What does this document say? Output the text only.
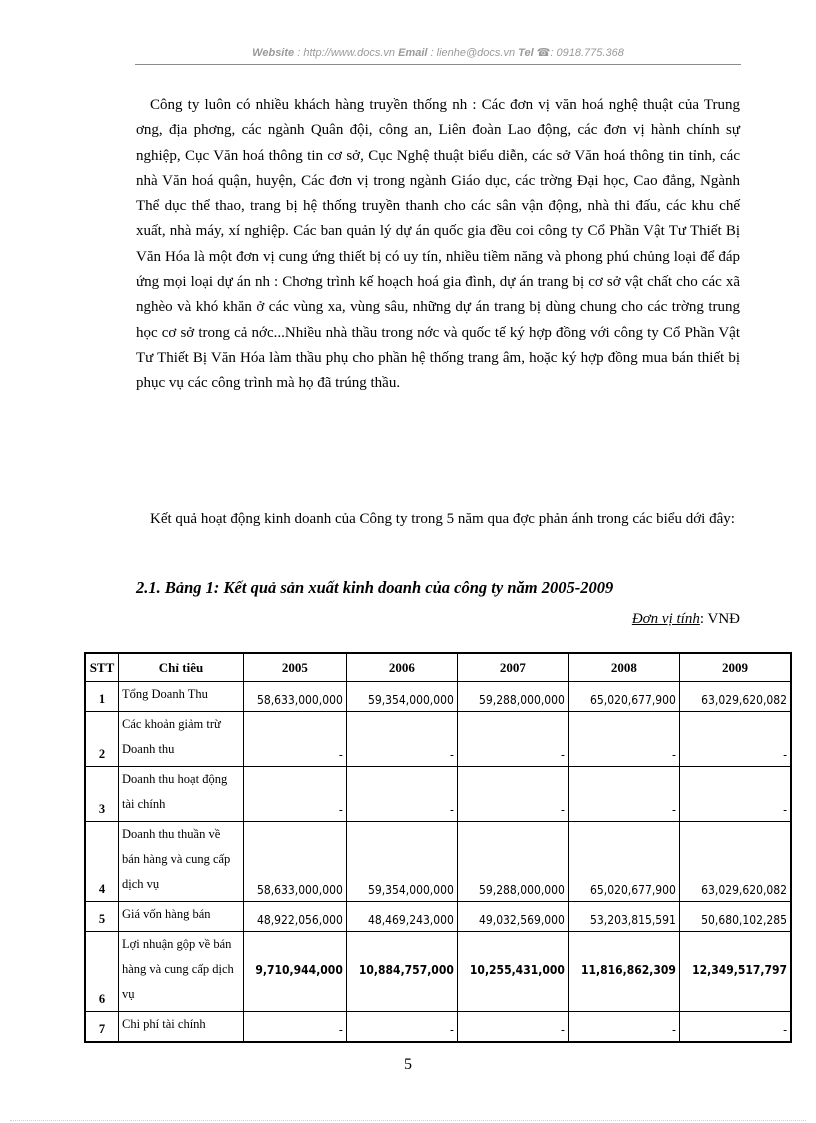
Website : http://www.docs.vn Email : lienhe@docs.vn Tel ☎: 0918.775.368
Công ty luôn có nhiều khách hàng truyền thống nh : Các đơn vị văn hoá nghệ thuật của Trung ơng, địa phơng, các ngành Quân đội, công an, Liên đoàn Lao động, các đơn vị hành chính sự nghiệp, Cục Văn hoá thông tin cơ sở, Cục Nghệ thuật biểu diễn, các sở Văn hoá thông tin tỉnh, các nhà Văn hoá quận, huyện, Các đơn vị trong ngành Giáo dục, các trờng Đại học, Cao đẳng, Ngành Thể dục thể thao, trang bị hệ thống truyền thanh cho các sân vận động, nhà thi đấu, các khu chế xuất, nhà máy, xí nghiệp. Các ban quản lý dự án quốc gia đều coi công ty Cổ Phần Vật Tư Thiết Bị Văn Hóa là một đơn vị cung ứng thiết bị có uy tín, nhiều tiềm năng và phong phú chủng loại để đáp ứng mọi loại dự án nh : Chơng trình kế hoạch hoá gia đình, dự án trang bị cơ sở vật chất cho các xã nghèo và khó khăn ở các vùng xa, vùng sâu, những dự án trang bị dùng chung cho các trờng trung học cơ sở trong cả nớc...Nhiều nhà thầu trong nớc và quốc tế ký hợp đồng với công ty Cổ Phần Vật Tư Thiết Bị Văn Hóa làm thầu phụ cho phần hệ thống trang âm, hoặc ký hợp đồng mua bán thiết bị phục vụ các công trình mà họ đã trúng thầu.
Kết quả hoạt động kinh doanh của Công ty trong 5 năm qua đợc phản ánh trong các biểu dới đây:
2.1. Bảng 1: Kết quả sản xuất kinh doanh của công ty năm 2005-2009
Đơn vị tính: VNĐ
STT	Chỉ tiêu	2005	2006	2007	2008	2009
1	Tổng Doanh Thu	58,633,000,000	59,354,000,000	59,288,000,000	65,020,677,900	63,029,620,082
2	Các khoản giảm trừ Doanh thu	-	-	-	-	-
3	Doanh thu hoạt động tài chính	-	-	-	-	-
4	Doanh thu thuần về bán hàng và cung cấp dịch vụ	58,633,000,000	59,354,000,000	59,288,000,000	65,020,677,900	63,029,620,082
5	Giá vốn hàng bán	48,922,056,000	48,469,243,000	49,032,569,000	53,203,815,591	50,680,102,285
6	Lợi nhuận gộp về bán hàng và cung cấp dịch vụ	9,710,944,000	10,884,757,000	10,255,431,000	11,816,862,309	12,349,517,797
7	Chi phí tài chính	-	-	-	-	-
5
